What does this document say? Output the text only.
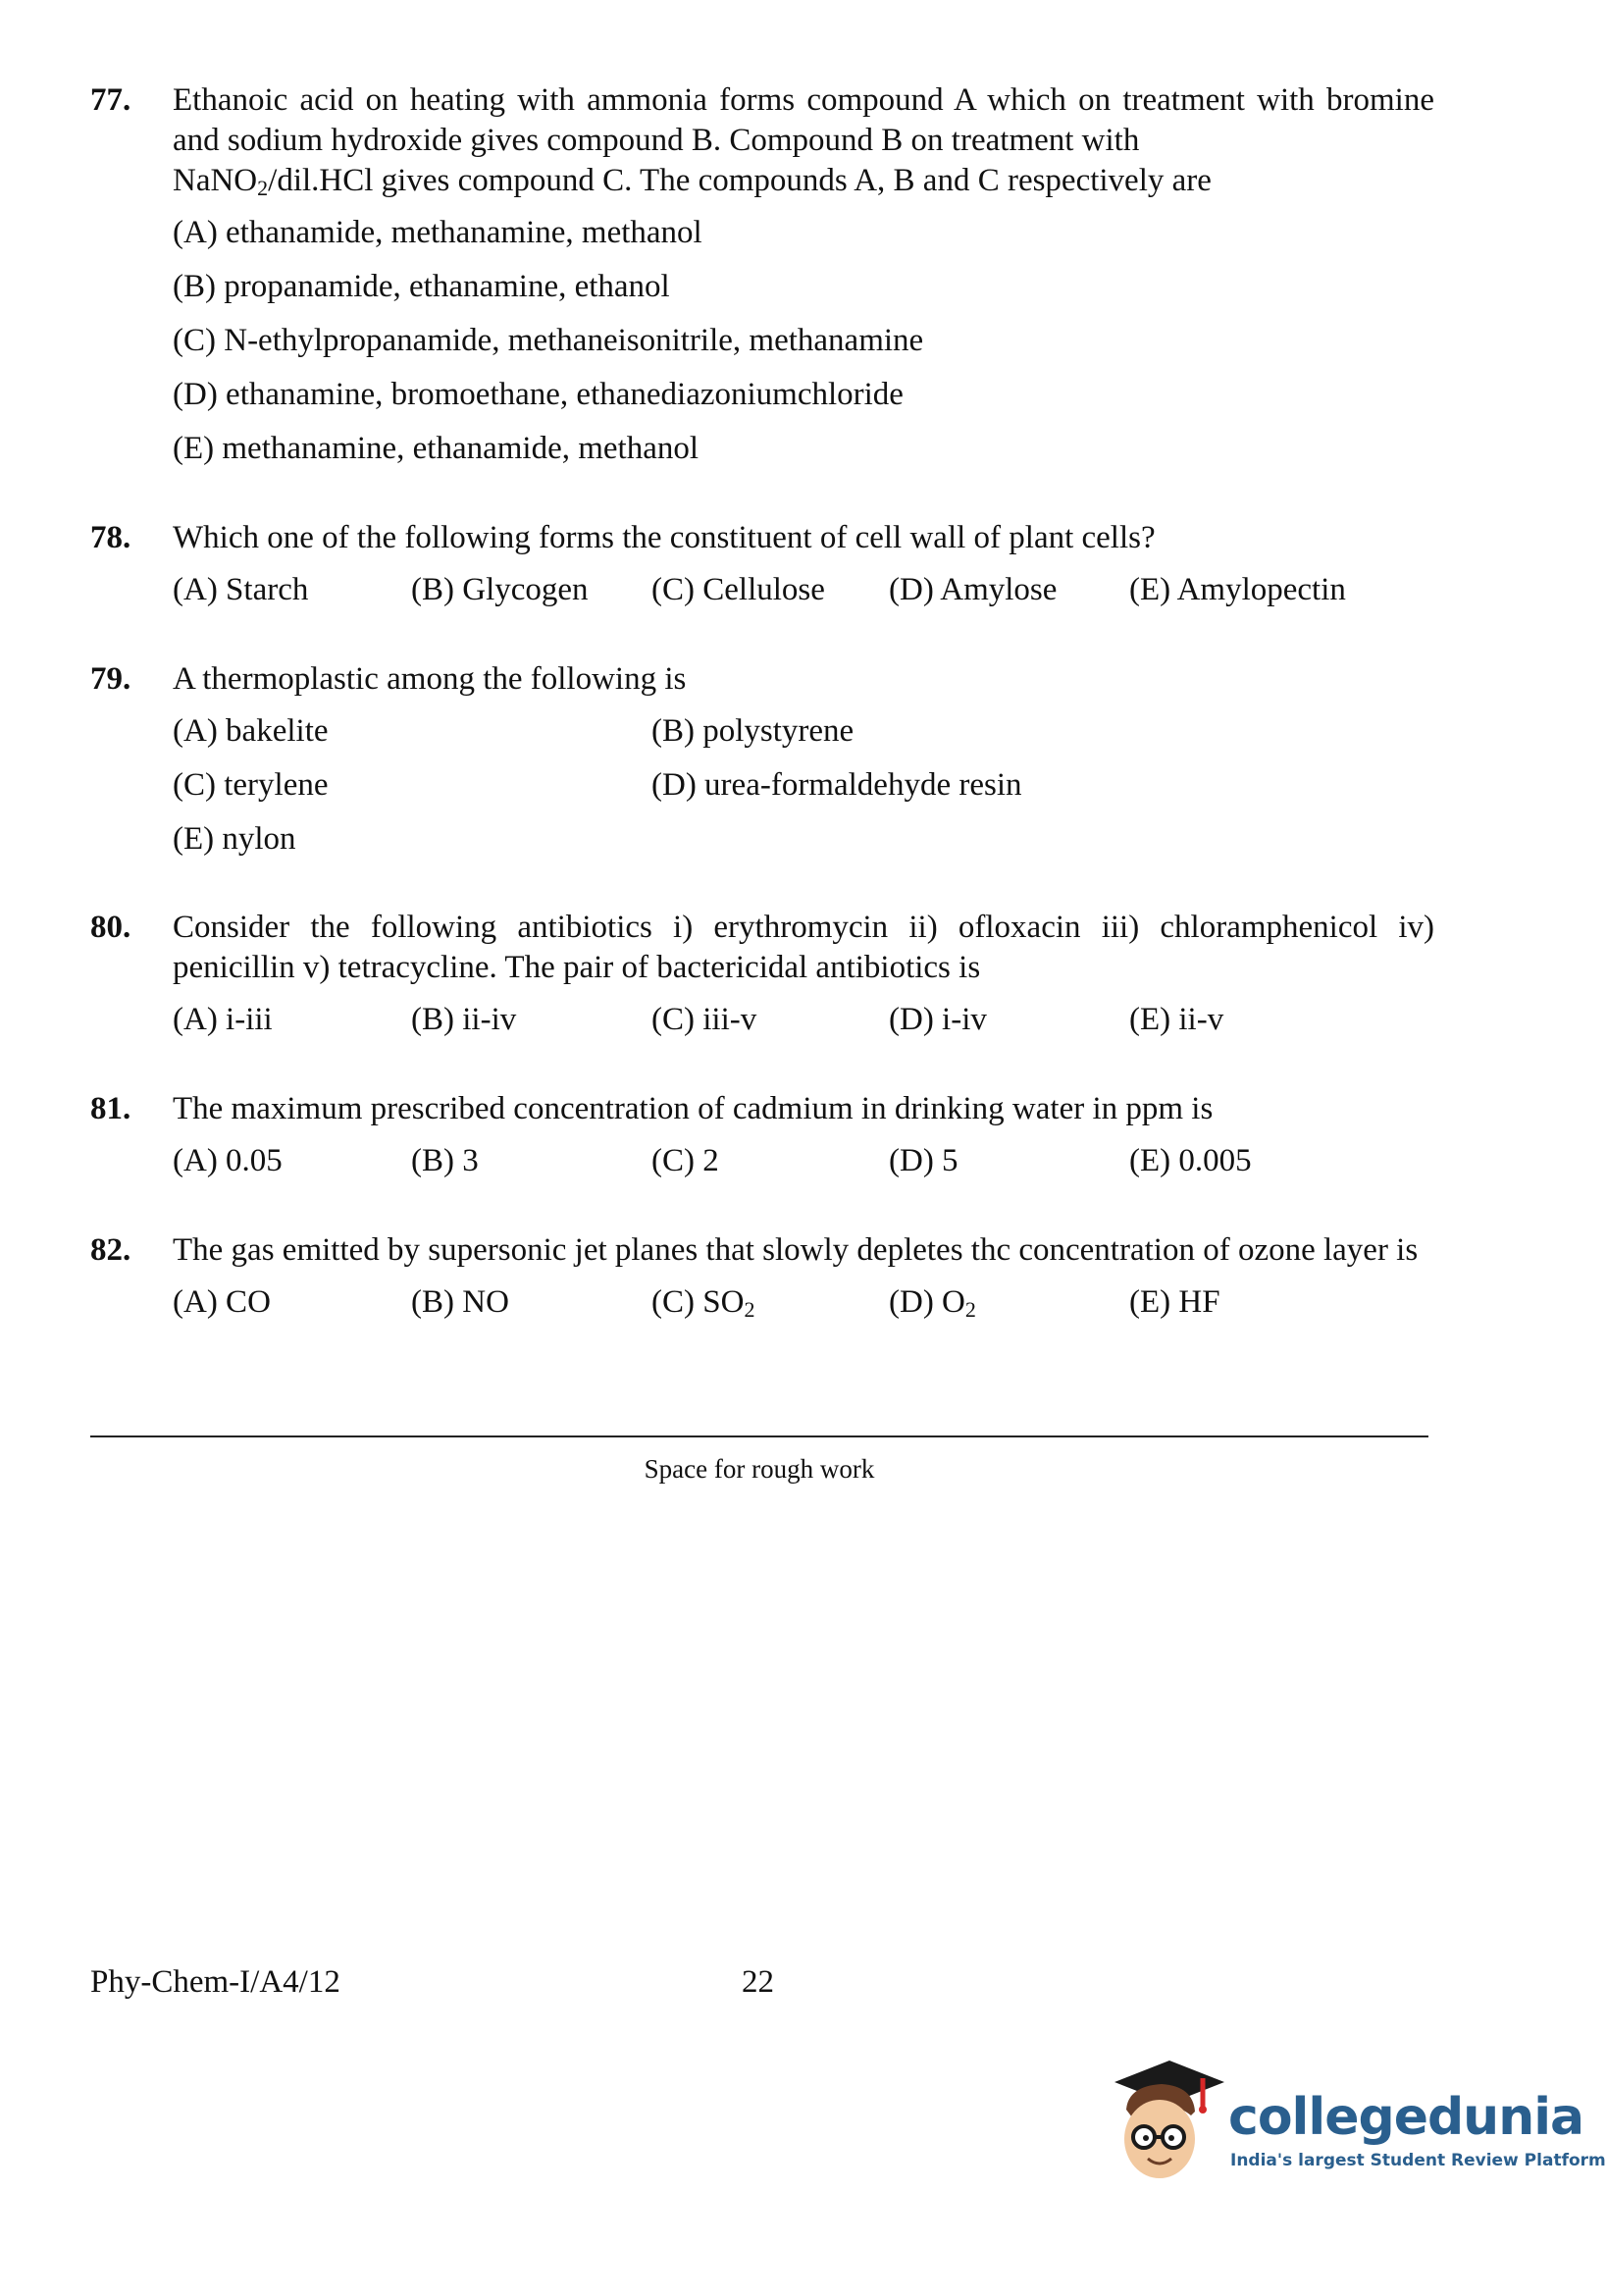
77. Ethanoic acid on heating with ammonia forms compound A which on treatment with bromine and sodium hydroxide gives compound B. Compound B on treatment with
NaNO$_2$/dil.HCl gives compound C. The compounds A, B and C respectively are
(A) ethanamide, methanamine, methanol
(B) propanamide, ethanamine, ethanol
(C) N-ethylpropanamide, methaneisonitrile, methanamine
(D) ethanamine, bromoethane, ethanediazoniumchloride
(E) methanamine, ethanamide, methanol
78. Which one of the following forms the constituent of cell wall of plant cells?
(A) Starch	(B) Glycogen (C) Cellulose (D) Amylose (E) Amylopectin
79. A thermoplastic among the following is
(A) bakelite	(B) polystyrene
(C) terylene	(D) urea-formaldehyde resin
(E) nylon
80. Consider the following antibiotics i) erythromycin ii) ofloxacin iii) chloramphenicol iv) penicillin v) tetracycline. The pair of bactericidal antibiotics is
(A) i-iii	(B) ii-iv	(C) iii-v	(D) i-iv	(E) ii-v
81. The maximum prescribed concentration of cadmium in drinking water in ppm is
(A) 0.05	(B) 3	(C) 2	(D) 5	(E) 0.005
82. The gas emitted by supersonic jet planes that slowly depletes thc concentration of ozone layer is
(A) CO	(B) NO	(C) $SO_2$	(D) $O_2$	(E) HF
Space for rough work
Phy-Chem-I/A4/12	22
collegedunia
India's largest Student Review Platform
